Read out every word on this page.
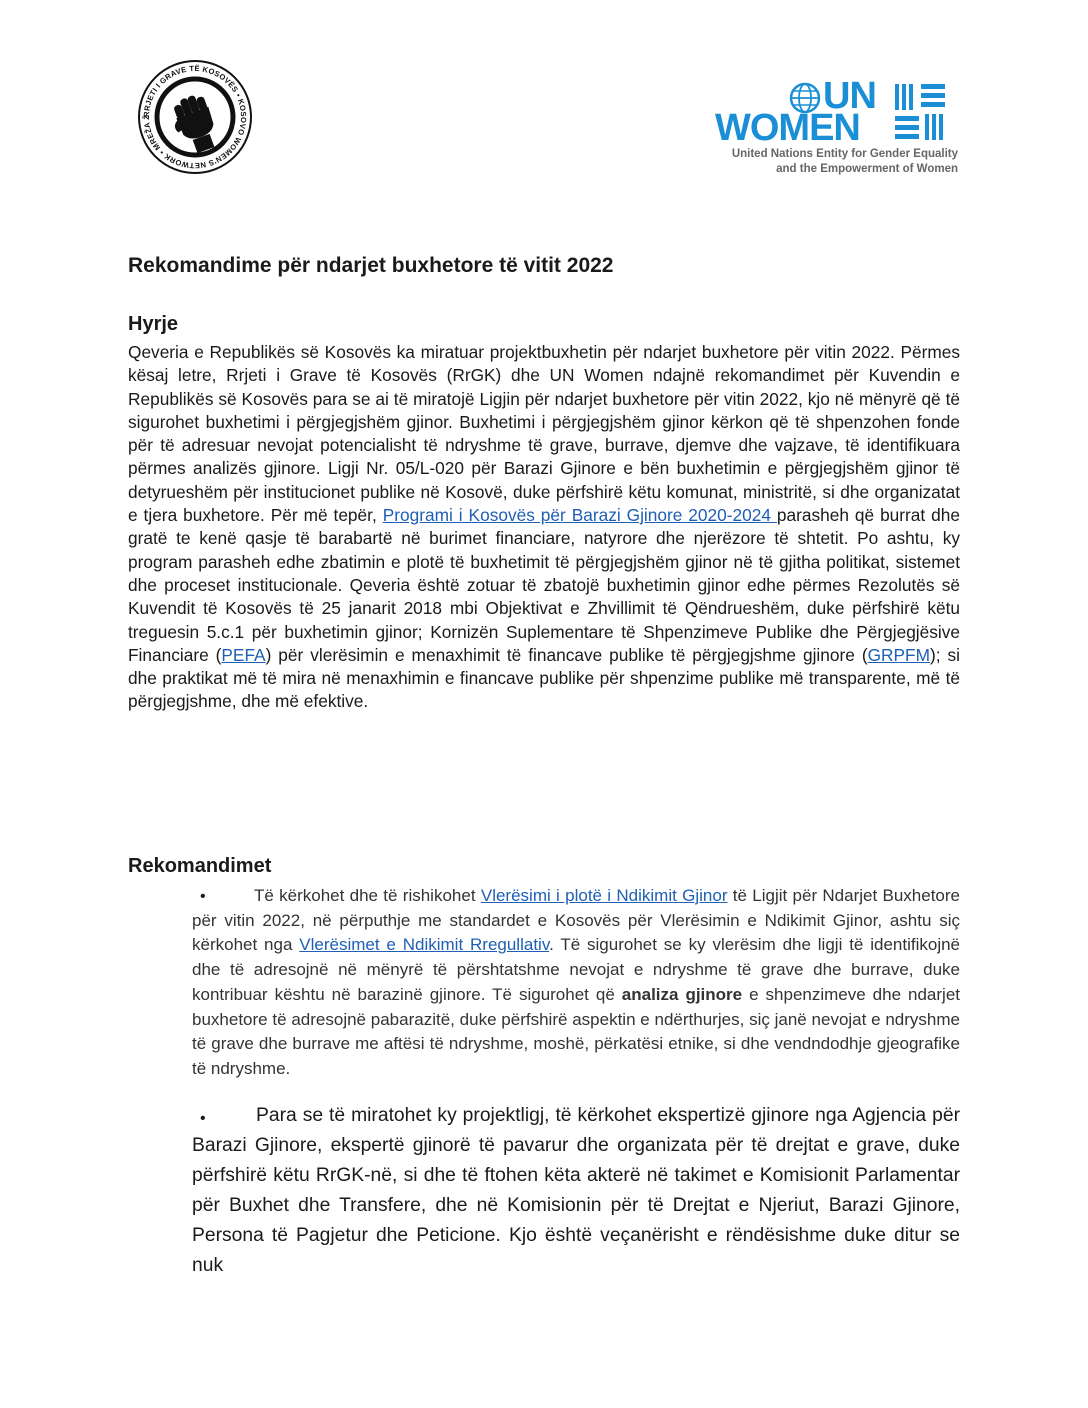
RRJETI I GRAVE TË KOSOVËS • KOSOVO WOMEN'S NETWORK • MREŽA Ž
UN
WOMEN
United Nations Entity for Gender Equality
and the Empowerment of Women
Rekomandime për ndarjet buxhetore të vitit 2022
Hyrje

Qeveria e Republikës së Kosovës ka miratuar projektbuxhetin për ndarjet buxhetore për vitin 2022. Përmes kësaj letre, Rrjeti i Grave të Kosovës (RrGK) dhe UN Women ndajnë rekomandimet për Kuvendin e Republikës së Kosovës para se ai të miratojë Ligjin për ndarjet buxhetore për vitin 2022, kjo në mënyrë që të sigurohet buxhetimi i përgjegjshëm gjinor. Buxhetimi i përgjegjshëm gjinor kërkon që të shpenzohen fonde për të adresuar nevojat potencialisht të ndryshme të grave, burrave, djemve dhe vajzave, të identifikuara përmes analizës gjinore. Ligji Nr. 05/L-020 për Barazi Gjinore e bën buxhetimin e përgjegjshëm gjinor të detyrueshëm për institucionet publike në Kosovë, duke përfshirë këtu komunat, ministritë, si dhe organizatat e tjera buxhetore. Për më tepër, Programi i Kosovës për Barazi Gjinore 2020-2024 parasheh që burrat dhe gratë te kenë qasje të barabartë në burimet financiare, natyrore dhe njerëzore të shtetit. Po ashtu, ky program parasheh edhe zbatimin e plotë të buxhetimit të përgjegjshëm gjinor në të gjitha politikat, sistemet dhe proceset institucionale. Qeveria është zotuar të zbatojë buxhetimin gjinor edhe përmes Rezolutës së Kuvendit të Kosovës të 25 janarit 2018 mbi Objektivat e Zhvillimit të Qëndrueshëm, duke përfshirë këtu treguesin 5.c.1 për buxhetimin gjinor; Kornizën Suplementare të Shpenzimeve Publike dhe Përgjegjësive Financiare (PEFA) për vlerësimin e menaxhimit të financave publike të përgjegjshme gjinore (GRPFM); si dhe praktikat më të mira në menaxhimin e financave publike për shpenzime publike më transparente, më të përgjegjshme, dhe më efektive.

Rekomandimet
•	Të kërkohet dhe të rishikohet Vlerësimi i plotë i Ndikimit Gjinor të Ligjit për Ndarjet Buxhetore për vitin 2022, në përputhje me standardet e Kosovës për Vlerësimin e Ndikimit Gjinor, ashtu siç kërkohet nga Vlerësimet e Ndikimit Rregullativ. Të sigurohet se ky vlerësim dhe ligji të identifikojnë dhe të adresojnë në mënyrë të përshtatshme nevojat e ndryshme të grave dhe burrave, duke kontribuar kështu në barazinë gjinore. Të sigurohet që analiza gjinore e shpenzimeve dhe ndarjet buxhetore të adresojnë pabarazitë, duke përfshirë aspektin e ndërthurjes, siç janë nevojat e ndryshme të grave dhe burrave me aftësi të ndryshme, moshë, përkatësi etnike, si dhe vendndodhje gjeografike të ndryshme.

•	Para se të miratohet ky projektligj, të kërkohet ekspertizë gjinore nga Agjencia për Barazi Gjinore, ekspertë gjinorë të pavarur dhe organizata për të drejtat e grave, duke përfshirë këtu RrGK-në, si dhe të ftohen këta akterë në takimet e Komisionit Parlamentar për Buxhet dhe Transfere, dhe në Komisionin për të Drejtat e Njeriut, Barazi Gjinore, Persona të Pagjetur dhe Peticione. Kjo është veçanërisht e rëndësishme duke ditur se nuk
